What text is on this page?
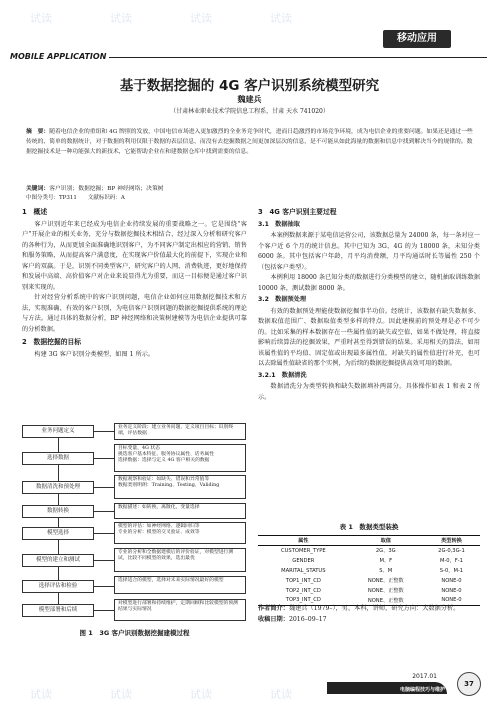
试读	试读	试读	试读
试读	试读	试读	试读
移动应用
MOBILE APPLICATION
基于数据挖掘的 4G 客户识别系统模型研究
魏建兵
（甘肃林业职业技术学院信息工程系，甘肃 天水 741020）
摘　要：随着电信企业的重组和 4G 牌照的发放，中国电信市场进入更加激烈的全业务竞争时代，进而日趋激烈的市场竞争环境，成为电信企业的重要问题。如果还是通过一些传统的、简单的数据统计，对于数据的利用仅限于数据的表层信息，而没有去挖掘数据之间更加深层次的信息，是不可能从如此海量的数据和信息中找到解决当今的规律的。数据挖掘技术是一种功能强大的新技术，它能帮助企业在和建数据仓库中找到需要的信息。
关键词：客户识别；数据挖掘；BP 神经网络；决策树
中图分类号：TP311　　文献标识码：A
1　概述

客户识别近年来已经成为电信企业持续发展的重要战略之一。它是围绕“客户”开展企业的相关业务，充分与数据挖掘技术相结合，经过深入分析和研究客户的各种行为，从而更加全面准确地识别客户，为不同客户制定出相应的营销、销售和服务策略，从而提高客户满意度，在实现客户价值最大化的前提下，实现企业和客户的双赢。于是，识别不同类型客户，研究客户的人网、消费轨迹，更好地保持和发展中高端、高价值客户对企业来说显得尤为重要，而这一目标便是通过客户识别来实现的。

针对经营分析系统中的客户识别问题，电信企业如何应用数据挖掘技术和方法，实现准确、有效的客户识别，为电信客户识别问题的数据挖掘提供系统的理论与方法。通过具体的数据分析，BP 神经网络和决策树建模等为电信企业提供可靠的分析数据。

2　数据挖掘的目标

构建 3G 客户识别分类模型，如图 1 所示。

业务问题定义
业务定义阶段：建立业务问题，定义项目目标；识别终端，评估数据
选择数据
目标变量，4G 状态
挑选客户基本特征、服务协议属性、话务属性
选择数据：选择与定义 4G 客户相关的数据
数据清洗和预处理
数据观察和验证：如缺失、错误和异常值等
数据类别明朗：Training、Testing、Validing
数据转换
数据描述：如转换，离散化，变量选择
模型选择
模型的评估：如神经网络、逻辑回归等
专业的分析：模型的交叉验证、成效等
模型的建立和测试
专业的分析和全数据建模后的评价验证，对模型进行测试，比较不同模型的效果，选出最优
选择评估和检验
选择适合的模型，选择对未来实际情况最好的模型
模型部署和后续
对模型进行部署和持续维护，定期回顾和比较模型的预测结果与实际情况
图 1　3G 客户识别数据挖掘建模过程
3　4G 客户识别主要过程
3.1　数据抽取

本案例数据来源于某电信运营公司，该数据总量为 24000 条，每一条对应一个客户近 6 个月的统计信息。其中已知为 3G、4G 的为 18000 条，未知分类 6000 条。其中包括客户年龄，月平均消费额，月平均通话时长等属性 250 个（包括客户类型）。

本例利用 18000 条已知分类的数据进行分类模型的建立，随机抽取训练数据 10000 条，测试数据 8000 条。

3.2　数据预处理

有效的数据预处理能使数据挖掘事半功倍。经统计，该数据有缺失数据多、数据取值范围广、数据取值类型多样的特点。因此建模前的预处理是必不可少的。比如采集的样本数据存在一些属性值的缺失或空值，如果不做处理，将直接影响后续算法的挖掘效果，严重时甚至得到错误的结果。采用相关的算法，如用该属性值的平均值、固定值或出现最多属性值，对缺失的属性值进行补充，也可以去除属性值缺省的那个实例，为后续的数据挖掘提供高效可用的数据。

3.2.1　数据清洗

数据清洗分为类型转换和缺失数据填补两部分。具体操作如表 1 和表 2 所示。

表 1　数据类型装换
属性	取值	类型转换
CUSTOMER_TYPE	2G、3G	2G-0,3G-1
GENDER	M、F	M-0，F-1
MARITAL_STATUS	S、M	S-0，M-1
TOP1_INT_CD	NONE、正整数	NONE-0
TOP2_INT_CD	NONE、正整数	NONE-0
TOP3_INT_CD	NONE、正整数	NONE-0
作者简介：魏建兵（1979–），男，本科，讲师，研究方向：大数据分析。
收稿日期：2016–09–17
2017.01
电脑编程技巧与维护
37
